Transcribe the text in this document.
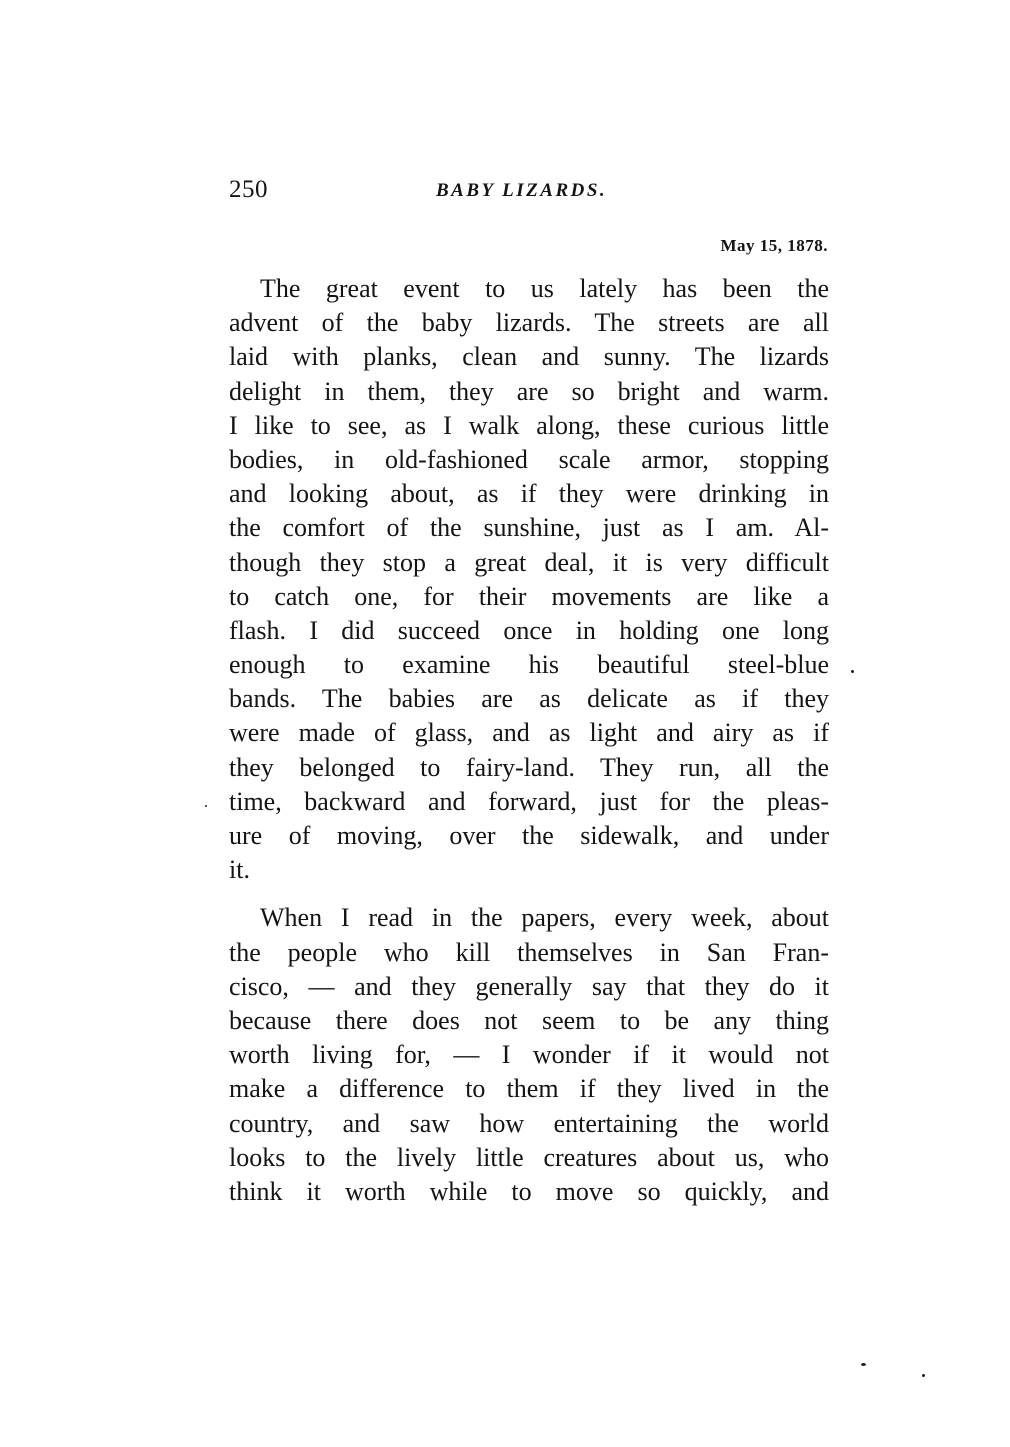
250	BABY LIZARDS.
May 15, 1878.
The great event to us lately has been the
advent of the baby lizards. The streets are all
laid with planks, clean and sunny. The lizards
delight in them, they are so bright and warm.
I like to see, as I walk along, these curious little
bodies, in old-fashioned scale armor, stopping
and looking about, as if they were drinking in
the comfort of the sunshine, just as I am. Al-
though they stop a great deal, it is very difficult
to catch one, for their movements are like a
flash. I did succeed once in holding one long
enough to examine his beautiful steel-blue
bands. The babies are as delicate as if they
were made of glass, and as light and airy as if
they belonged to fairy-land. They run, all the
time, backward and forward, just for the pleas-
ure of moving, over the sidewalk, and under
it.
When I read in the papers, every week, about
the people who kill themselves in San Fran-
cisco, — and they generally say that they do it
because there does not seem to be any thing
worth living for, — I wonder if it would not
make a difference to them if they lived in the
country, and saw how entertaining the world
looks to the lively little creatures about us, who
think it worth while to move so quickly, and
